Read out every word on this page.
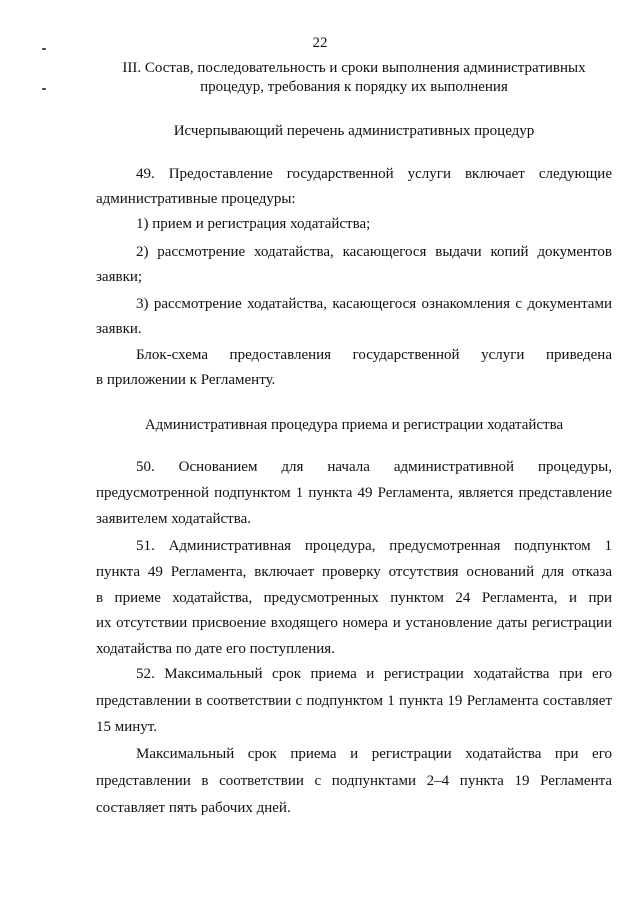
22
III. Состав, последовательность и сроки выполнения административных
процедур, требования к порядку их выполнения
Исчерпывающий перечень административных процедур
49. Предоставление государственной услуги включает следующие
административные процедуры:
1) прием и регистрация ходатайства;
2) рассмотрение ходатайства, касающегося выдачи копий документов
заявки;
3) рассмотрение ходатайства, касающегося ознакомления с документами
заявки.
Блок-схема предоставления государственной услуги приведена
в приложении к Регламенту.
Административная процедура приема и регистрации ходатайства
50. Основанием для начала административной процедуры,
предусмотренной подпунктом 1 пункта 49 Регламента, является представление
заявителем ходатайства.
51. Административная процедура, предусмотренная подпунктом 1
пункта 49 Регламента, включает проверку отсутствия оснований для отказа
в приеме ходатайства, предусмотренных пунктом 24 Регламента, и при
их отсутствии присвоение входящего номера и установление даты регистрации
ходатайства по дате его поступления.
52. Максимальный срок приема и регистрации ходатайства при его
представлении в соответствии с подпунктом 1 пункта 19 Регламента составляет
15 минут.
Максимальный срок приема и регистрации ходатайства при его
представлении в соответствии с подпунктами 2–4 пункта 19 Регламента
составляет пять рабочих дней.
